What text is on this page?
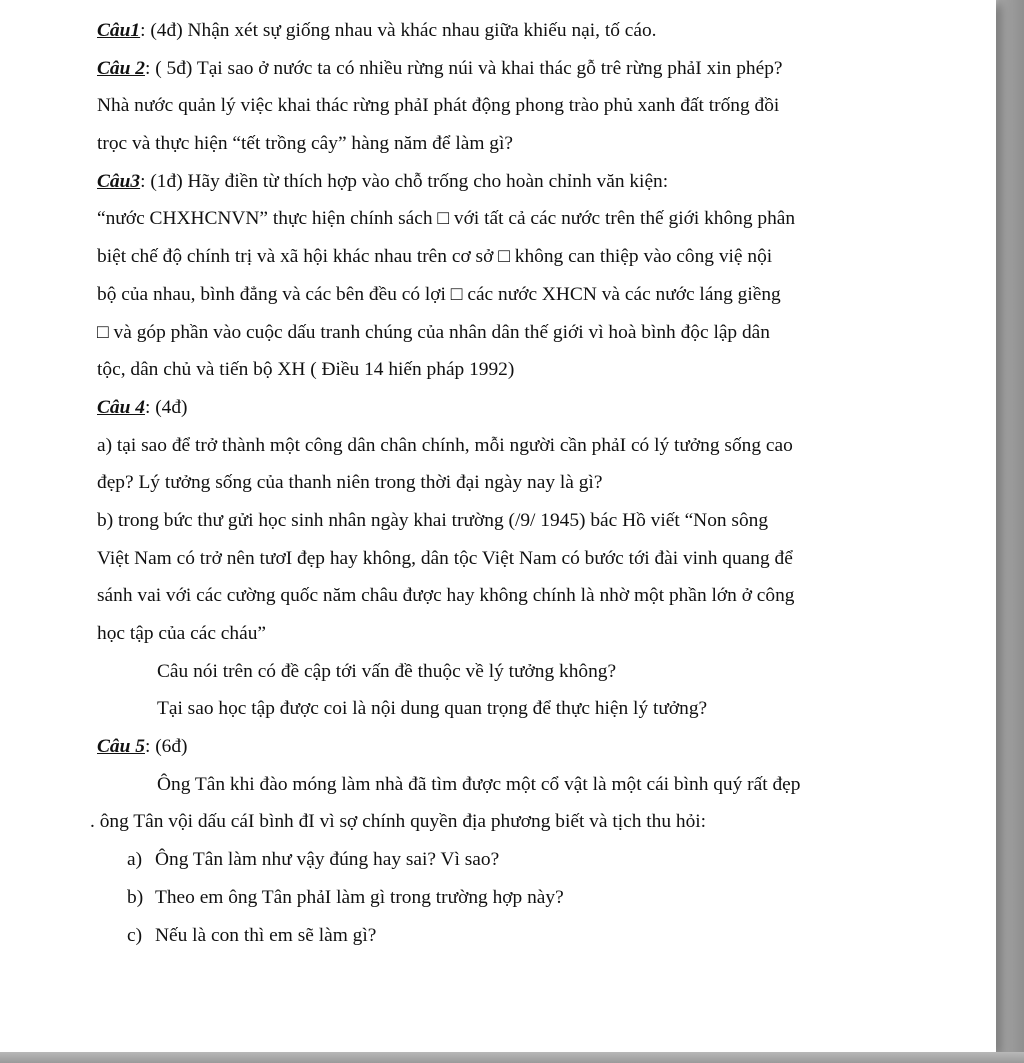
Câu1: (4đ) Nhận xét sự giống nhau và khác nhau giữa khiếu nại, tố cáo.
Câu 2: ( 5đ) Tại sao ở nước ta có nhiều rừng núi và khai thác gỗ trê rừng phảI xin phép?
Nhà nước quản lý việc khai thác rừng phảI phát động phong trào phủ xanh đất trống đồi
trọc và thực hiện “tết trồng cây” hàng năm để làm gì?
Câu3: (1đ) Hãy điền từ thích hợp vào chỗ trống cho hoàn chỉnh văn kiện:
“nước CHXHCNVN” thực hiện chính sách □ với tất cả các nước trên thế giới không phân
biệt chế độ chính trị và xã hội khác nhau trên cơ sở □ không can thiệp vào công việ nội
bộ của nhau, bình đẳng và các bên đều có lợi □ các nước XHCN và các nước láng giềng
□ và góp phần vào cuộc dấu tranh chúng của nhân dân thế giới vì hoà bình độc lập dân
tộc, dân chủ và tiến bộ XH ( Điều 14 hiến pháp 1992)
Câu 4: (4đ)
a) tại sao để trở thành một công dân chân chính, mỗi người cần phảI có lý tưởng sống cao
đẹp? Lý tưởng sống của thanh niên trong thời đại ngày nay là gì?
b) trong bức thư gửi học sinh nhân ngày khai trường (/9/ 1945) bác Hồ viết “Non sông
Việt Nam có trở nên tươI đẹp hay không, dân tộc Việt Nam có bước tới đài vinh quang để
sánh vai với các cường quốc năm châu được hay không chính là nhờ một phần lớn ở công
học tập của các cháu”
Câu nói trên có đề cập tới vấn đề thuộc về lý tưởng không?
Tại sao học tập được coi là nội dung quan trọng để thực hiện lý tưởng?
Câu 5: (6đ)
Ông Tân khi đào móng làm nhà đã tìm được một cổ vật là một cái bình quý rất đẹp
. ông Tân vội dấu cáI bình đI vì sợ chính quyền địa phương biết và tịch thu hỏi:
a) Ông Tân làm như vậy đúng hay sai? Vì sao?
b) Theo em ông Tân phảI làm gì trong trường hợp này?
c) Nếu là con thì em sẽ làm gì?
